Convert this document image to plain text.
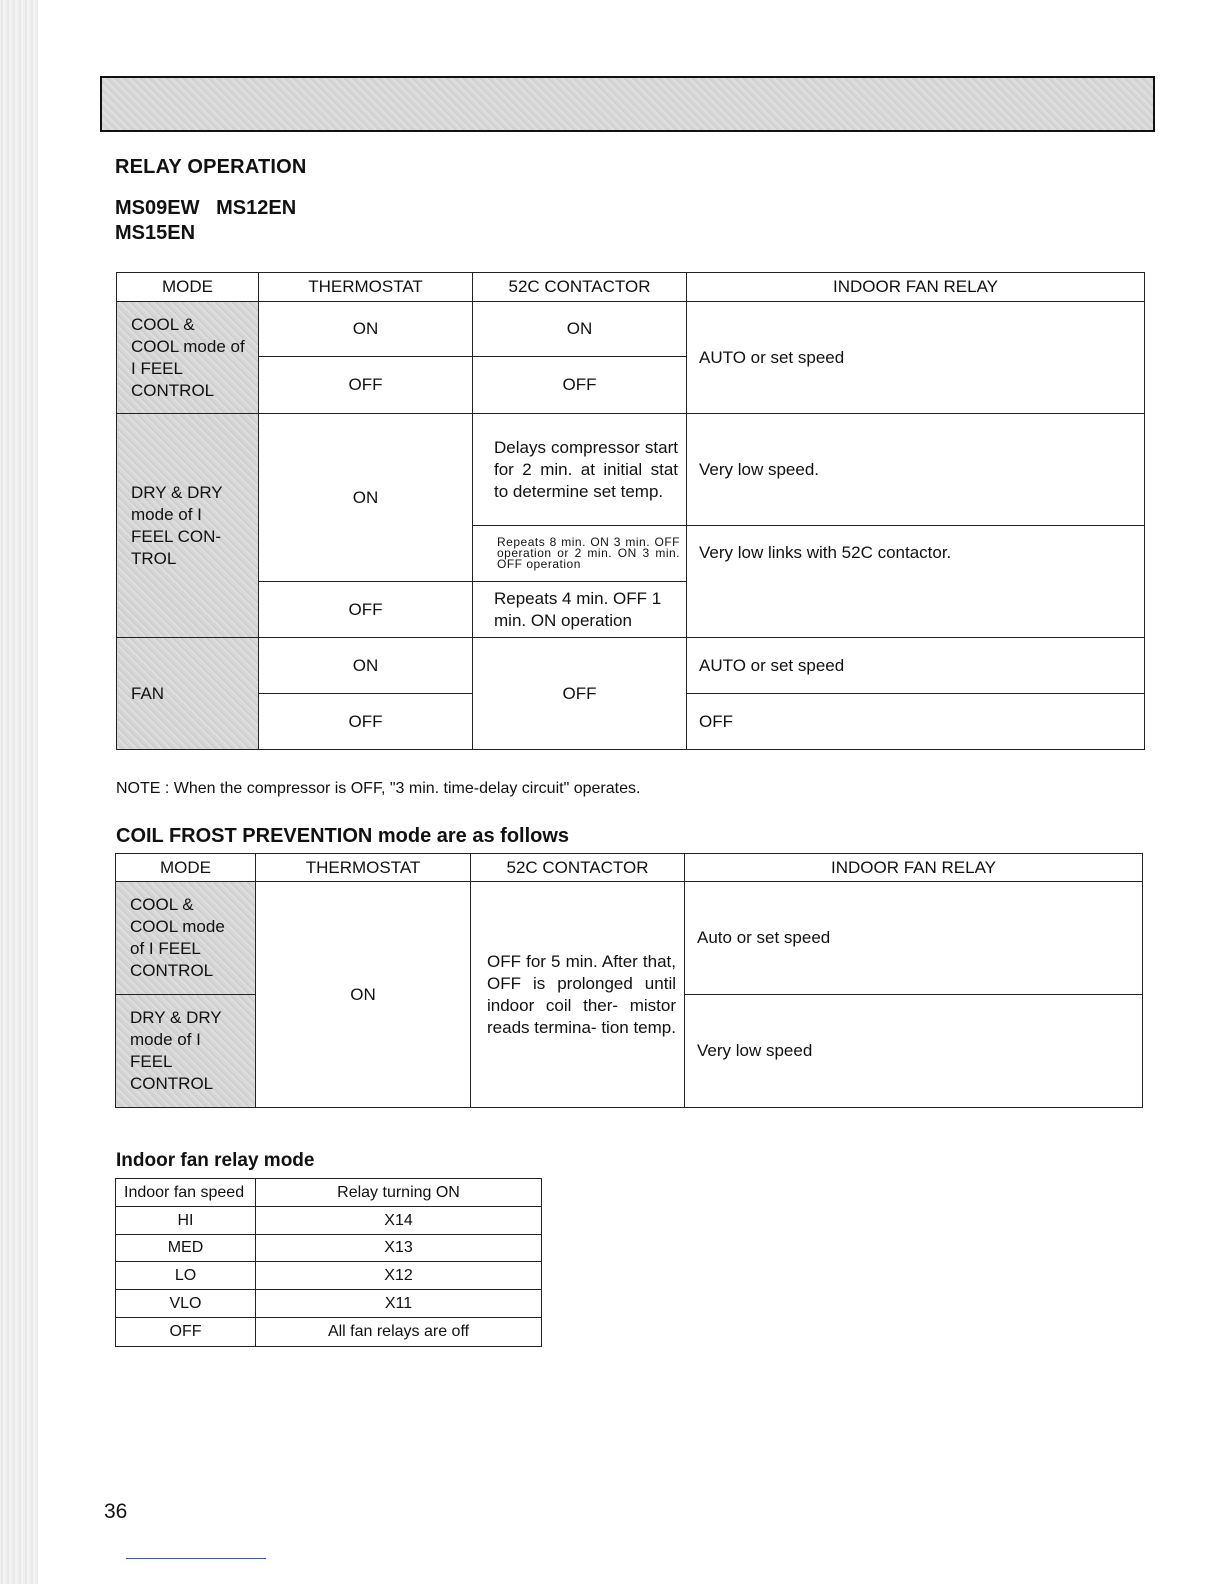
RELAY OPERATION
MS09EW   MS12EN
MS15EN
MODE	THERMOSTAT	52C CONTACTOR	INDOOR FAN RELAY
COOL & COOL mode of I FEEL CONTROL	ON	ON	AUTO or set speed
	OFF	OFF	
DRY & DRY mode of I FEEL CON- TROL	ON	Delays compressor start for 2 min. at initial stat to determine set temp.	Very low speed.
		Repeats 8 min. ON 3 min. OFF operation or 2 min. ON 3 min. OFF operation	Very low links with 52C contactor.
	OFF	Repeats 4 min. OFF 1 min. ON operation	
FAN	ON	OFF	AUTO or set speed
	OFF		OFF
NOTE : When the compressor is OFF, "3 min. time-delay circuit" operates.
COIL FROST PREVENTION mode are as follows
MODE	THERMOSTAT	52C CONTACTOR	INDOOR FAN RELAY
COOL & COOL mode of I FEEL CONTROL	ON	OFF for 5 min. After that, OFF is prolonged until indoor coil ther- mistor reads termina- tion temp.	Auto or set speed
DRY & DRY mode of I FEEL CONTROL			Very low speed
Indoor fan relay mode
Indoor fan speed	Relay turning ON
HI	X14
MED	X13
LO	X12
VLO	X11
OFF	All fan relays are off
36
